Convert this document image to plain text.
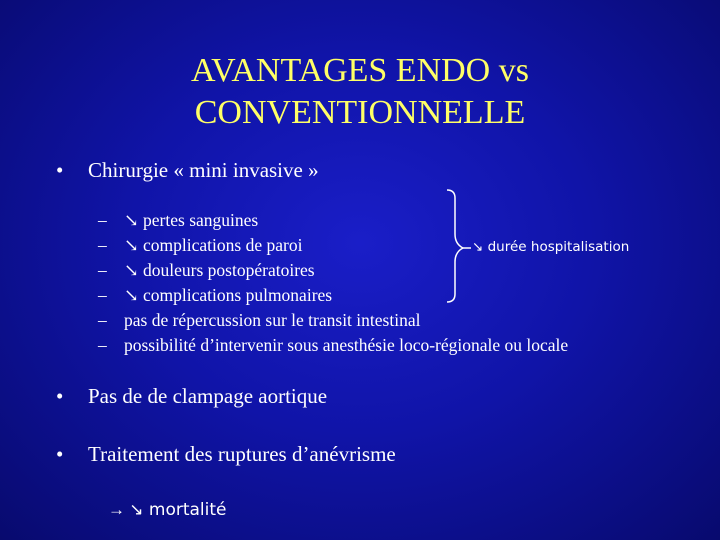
AVANTAGES ENDO vs
CONVENTIONNELLE
• Chirurgie « mini invasive »
– ↘ pertes sanguines
– ↘ complications de paroi
– ↘ douleurs postopératoires
– ↘ complications pulmonaires
– pas de répercussion sur le transit intestinal
– possibilité d’intervenir sous anesthésie loco-régionale ou locale
↘ durée hospitalisation
• Pas de de clampage aortique
• Traitement des ruptures d’anévrisme
→ ↘ mortalité
